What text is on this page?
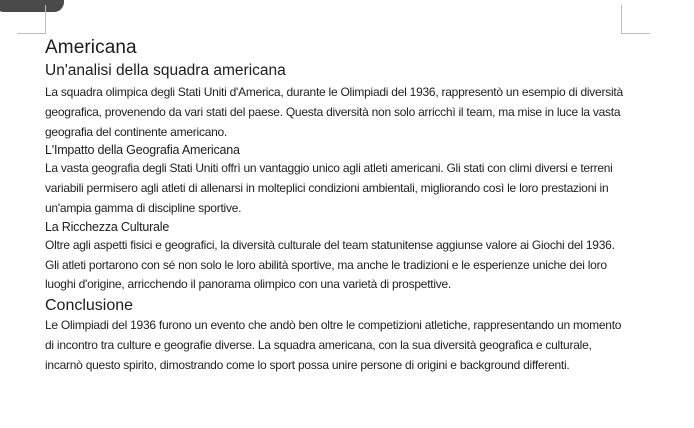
Americana
Un'analisi della squadra americana

La squadra olimpica degli Stati Uniti d'America, durante le Olimpiadi del 1936, rappresentò un esempio di diversità geografica, provenendo da vari stati del paese. Questa diversità non solo arricchì il team, ma mise in luce la vasta geografia del continente americano.

L'Impatto della Geografia Americana

La vasta geografia degli Stati Uniti offrì un vantaggio unico agli atleti americani. Gli stati con climi diversi e terreni variabili permisero agli atleti di allenarsi in molteplici condizioni ambientali, migliorando così le loro prestazioni in un'ampia gamma di discipline sportive.

La Ricchezza Culturale

Oltre agli aspetti fisici e geografici, la diversità culturale del team statunitense aggiunse valore ai Giochi del 1936. Gli atleti portarono con sé non solo le loro abilità sportive, ma anche le tradizioni e le esperienze uniche dei loro luoghi d'origine, arricchendo il panorama olimpico con una varietà di prospettive.

Conclusione

Le Olimpiadi del 1936 furono un evento che andò ben oltre le competizioni atletiche, rappresentando un momento di incontro tra culture e geografie diverse. La squadra americana, con la sua diversità geografica e culturale, incarnò questo spirito, dimostrando come lo sport possa unire persone di origini e background differenti.
